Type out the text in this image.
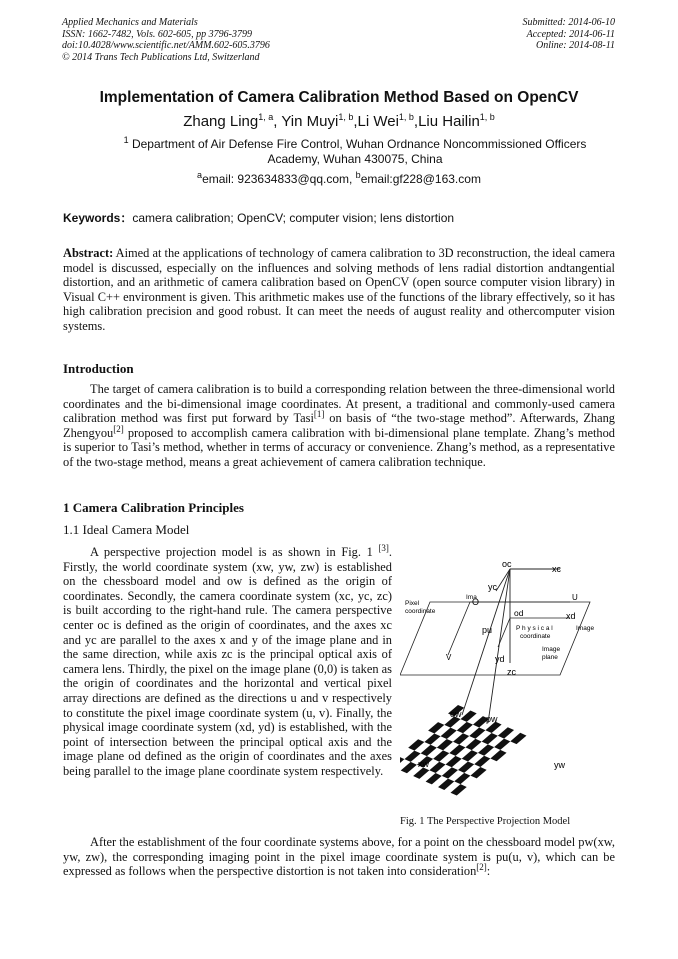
Applied Mechanics and Materials
ISSN: 1662-7482, Vols. 602-605, pp 3796-3799
doi:10.4028/www.scientific.net/AMM.602-605.3796
© 2014 Trans Tech Publications Ltd, Switzerland
Submitted: 2014-06-10
Accepted: 2014-06-11
Online: 2014-08-11
Implementation of Camera Calibration Method Based on OpenCV
Zhang Ling$^{1, a}$, Yin Muyi$^{1, b}$,Li Wei$^{1, b}$,Liu Hailin$^{1, b}$
$^1$ Department of Air Defense Fire Control, Wuhan Ordnance Noncommissioned Officers Academy, Wuhan 430075, China
$^a$email: 923634833@qq.com, $^b$email:gf228@163.com
Keywords：camera calibration; OpenCV; computer vision; lens distortion
Abstract: Aimed at the applications of technology of camera calibration to 3D reconstruction, the ideal camera model is discussed, especially on the influences and solving methods of lens radial distortion andtangential distortion, and an arithmetic of camera calibration based on OpenCV (open source computer vision library) in Visual C++ environment is given. This arithmetic makes use of the functions of the library effectively, so it has high calibration precision and good robust. It can meet the needs of august reality and othercomputer vision systems.
Introduction
The target of camera calibration is to build a corresponding relation between the three-dimensional world coordinates and the bi-dimensional image coordinates. At present, a traditional and commonly-used camera calibration method was first put forward by Tasi[1] on basis of “the two-stage method”. Afterwards, Zhang Zhengyou[2] proposed to accomplish camera calibration with bi-dimensional plane template. Zhang’s method is superior to Tasi’s method, whether in terms of accuracy or convenience. Zhang’s method, as a representative of the two-stage method, means a great achievement of camera calibration technique.
1 Camera Calibration Principles
1.1 Ideal Camera Model
A perspective projection model is as shown in Fig. 1 [3]. Firstly, the world coordinate system (xw, yw, zw) is established on the chessboard model and ow is defined as the origin of coordinates. Secondly, the camera coordinate system (xc, yc, zc) is built according to the right-hand rule. The camera perspective center oc is defined as the origin of coordinates, and the axes xc and yc are parallel to the axes x and y of the image plane and in the same direction, while axis zc is the principal optical axis of camera lens. Thirdly, the pixel on the image plane (0,0) is taken as the origin of coordinates and the horizontal and vertical pixel array directions are defined as the directions u and v respectively to constitute the pixel image coordinate system (u, v). Finally, the physical image coordinate system (xd, yd) is established, with the point of intersection between the principal optical axis and the image plane od defined as the origin of coordinates and the axes being parallel to the image plane coordinate system respectively.
After the establishment of the four coordinate systems above, for a point on the chessboard model pw(xw, yw, zw), the corresponding imaging point in the pixel image coordinate system is pu(u, v), which can be expressed as follows when the perspective distortion is not taken into consideration[2]:
oc	xc
yc
zc
O	U
V
od	xd
yd
pu
ow	pw
xw	yw
Pixel
coordinate
Ima
P h y s i c a l
coordinate
Image
Image
plane
Fig. 1 The Perspective Projection Model
